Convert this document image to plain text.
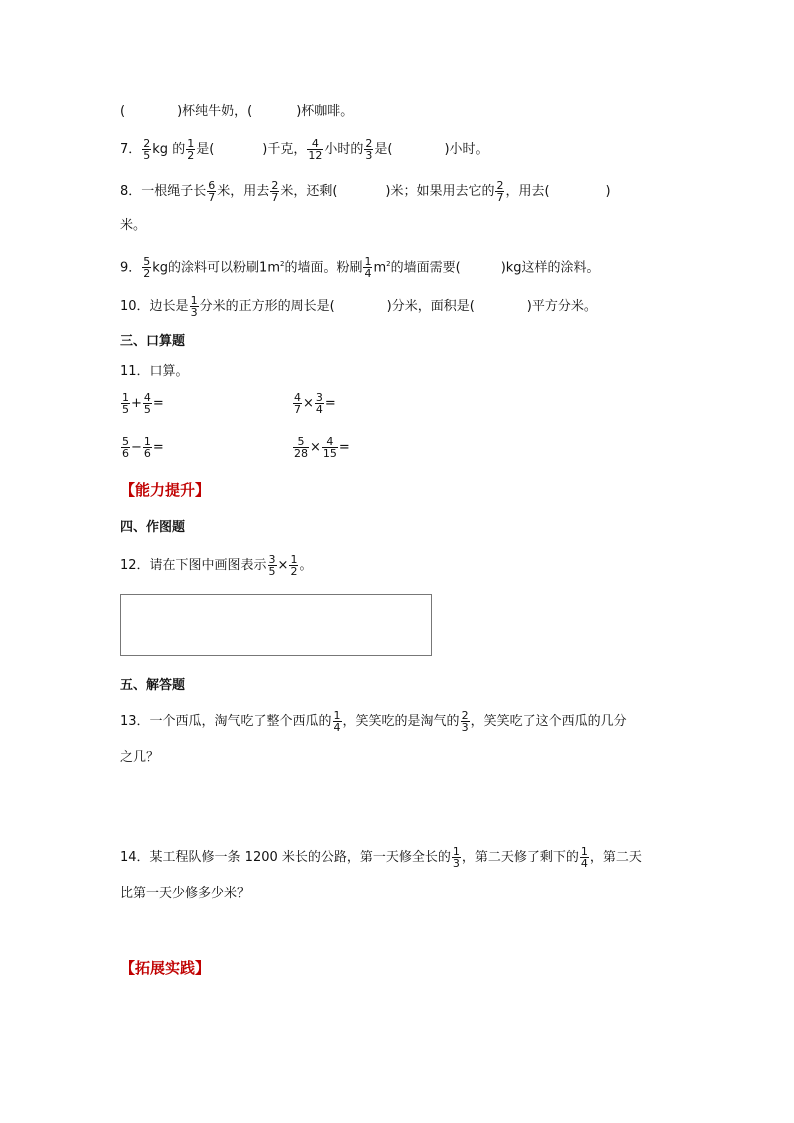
(	)杯纯牛奶，(	)杯咖啡。
7． $\frac{2}{5}$ kg 的 $\frac{1}{2}$ 是(	)千克， $\frac{4}{12}$ 小时的 $\frac{2}{3}$ 是(	)小时。
8．一根绳子长 $\frac{6}{7}$ 米，用去 $\frac{2}{7}$ 米，还剩(	)米；如果用去它的 $\frac{2}{7}$ ，用去(	)
米。
9． $\frac{5}{2}$ kg的涂料可以粉刷$1m^2$的墙面。粉刷 $\frac{1}{4} m^2$的墙面需要(	)kg这样的涂料。
10．边长是 $\frac{1}{3}$ 分米的正方形的周长是(	)分米，面积是(	)平方分米。
三、口算题
11．口算。
$\frac{1}{5} + \frac{4}{5}$ =	$\frac{4}{7} \times \frac{3}{4}$ =
$\frac{5}{6} - \frac{1}{6}$ =	$\frac{5}{28} \times \frac{4}{15}$ =
【能力提升】
四、作图题
12．请在下图中画图表示 $\frac{3}{5} \times \frac{1}{2}$ 。
五、解答题
13．一个西瓜，淘气吃了整个西瓜的 $\frac{1}{4}$ ，笑笑吃的是淘气的 $\frac{2}{3}$ ，笑笑吃了这个西瓜的几分
之几？
14．某工程队修一条 1200 米长的公路，第一天修全长的 $\frac{1}{3}$ ，第二天修了剩下的 $\frac{1}{4}$ ，第二天
比第一天少修多少米？
【拓展实践】
